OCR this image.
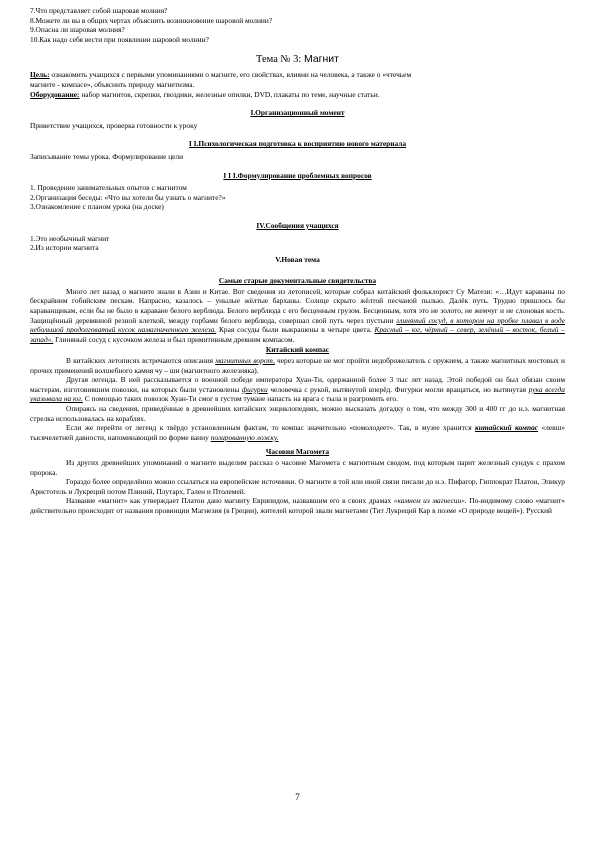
7.Что представляет собой шаровая молния?
8.Можете ли вы в общих чертах объяснить возникновение шаровой молнии?
9.Опасна ли шаровая молния?
10.Как надо себя вести при появлении шаровой молнии?
Тема № 3: Магнит
Цель: ознакомить учащихся с первыми упоминаниями о магните, его свойствах, влияни на человека, а также о «чтечьем
магните - компасе», объяснить природу магнетизма.
Оборудование: набор магнитов, скрепки, гвоздики, железные опилки, DVD, плакаты по теме, научные статьи.
I.Организационный момент
Приветствие учащихся, проверка готовности к уроку
I I.Психологическая подготовка к восприятию нового материала
Записывание темы урока. Формулирование цели
I I I.Формулирование проблемных вопросов
1. Проведение занимательных опытов с магнитом
2.Организация беседы: «Что вы хотели бы узнать о магните?»
3.Ознакомление с планом урока (на доске)
IV.Сообщения учащихся
1.Это необычный магнит
2.Из истории магнита
V.Новая тема
Самые старые документальные свидетельства

Много лет назад о магните знали в Азии и Китае. Вот сведения из летописей, которые собрал китайский фольклорист Су Матези: «…Идут караваны по бескрайним гобийским пескам. Напрасно, казалось – унылые жёлтые барханы. Солнце скрыто жёлтой песчаной пылью. Далёк путь. Трудно пришлось бы караванщикам, если бы не было в караване белого верблюда. Белого верблюда с его бесценным грузом. Бесценным, хотя это не золото, не жемчуг и не слоновая кость. Защищённый деревянной резной клеткой, между горбами белого верблюда, совершал свой путь через пустыни глиняный сосуд, в котором на пробке плавал в воде небольшой продолговатый кусок намагниченного железа. Края сосуды были выкрашены в четыре цвета. Красный – юг, чёрный – север, зелёный – восток, белый – запад». Глиняный сосуд с кусочком железа и был примитивным древним компасом.

Китайский компас

В китайских летописях встречаются описания магнитных ворот, через которые не мог пройти недоброжелатель с оружием, а также магнитных мостовых и прочих применений волшебного камня чу – ши (магнитного железняка).

Другая легенда. В ней рассказывается о военной победе императора Хуан-Ти, одержанной более 3 тыс лет назад. Этой победой он был обязан своим мастерам, изготовившим повозки, на которых были установлены фигурки человечка с рукой, вытянутой вперёд. Фигурки могли вращаться, но вытянутая рука всегда указывала на юг. С помощью таких повозок Хуан-Ти смог в густом тумане напасть на врага с тыла и разгромить его.

Опираясь на сведения, приведённые в древнейших китайских энциклопедиях, можно высказать догадку о том, что между 300 и 400 гг до н.э. магнитная стрелка использовалась на кораблях.

Если же перейти от легенд к твёрдо установленным фактам, то компас значительно «помолодеет». Так, в музее хранится китайский компас «левш» тысячелетней давности, напоминающий по форме ванну полированную ложку.

Часовня Магомета

Из других древнейших упоминаний о магните выделим рассказ о часовне Магомета с магнитным сводом, под которым парит железный сундук с прахом пророка.

Гораздо более определённо можно ссылаться на европейские источники. О магните в той или иной связи писали до н.э. Пифагор, Гиппократ Платон, Эпикур Аристотель и Лукреций потом Плиний, Плутарх, Гален и Птолемей.

Название «магнит» как утверждает Платон дано магниту Еврипидом, назвавшим его в своих драмах «камнем из магнесии». По-видимому слово «магнит» действительно происходит от названия провинции Магнезия (в Греции), жителей которой звали магнетами (Тит Лукреций Кар в поэме «О природе вещей»). Русский

7
